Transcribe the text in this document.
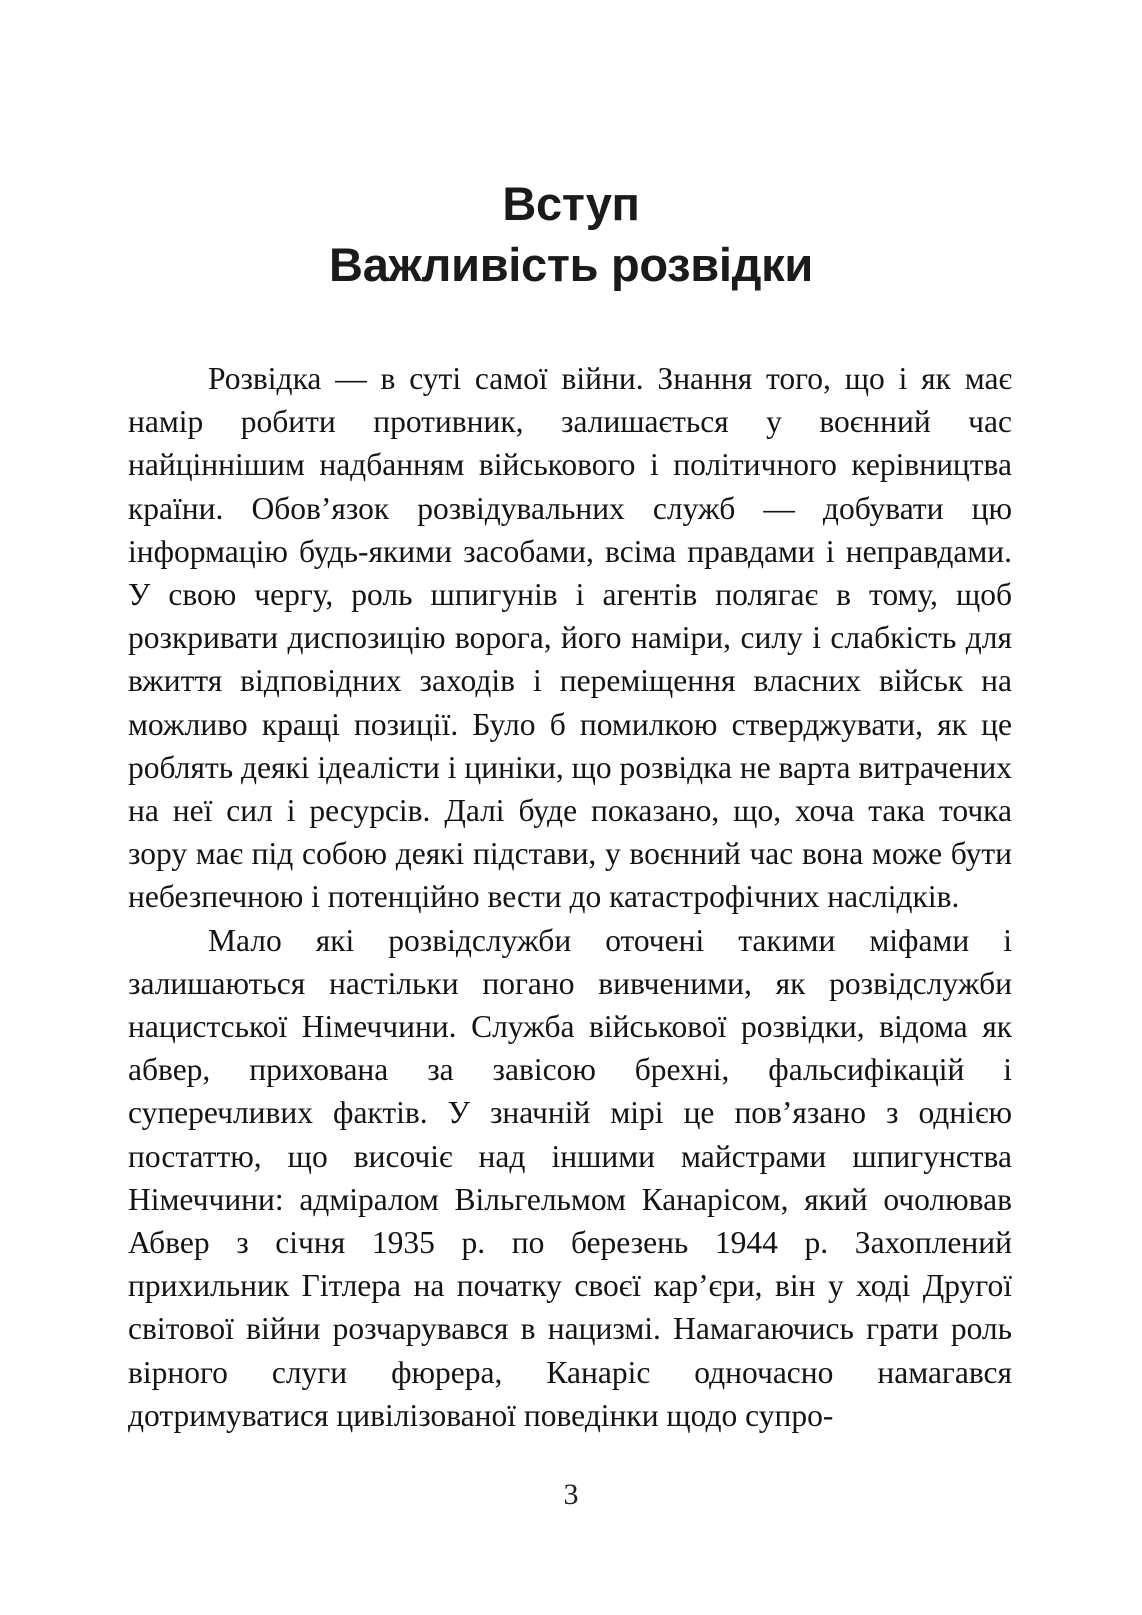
Вступ
Важливість розвідки

Розвідка — в суті самої війни. Знання того, що і як має намір робити противник, залишається у воєнний час найціннішим надбанням військового і політичного керівництва країни. Обов’язок розвідувальних служб — добувати цю інформацію будь-якими засобами, всіма правдами і неправдами. У свою чергу, роль шпигунів і агентів полягає в тому, щоб розкривати диспозицію ворога, його наміри, силу і слабкість для вжиття відповідних заходів і переміщення власних військ на можливо кращі позиції. Було б помилкою стверджувати, як це роблять деякі ідеалісти і циніки, що розвідка не варта витрачених на неї сил і ресурсів. Далі буде показано, що, хоча така точка зору має під собою деякі підстави, у воєнний час вона може бути небезпечною і потенційно вести до катастрофічних наслідків.

Мало які розвідслужби оточені такими міфами і залишаються настільки погано вивченими, як розвідслужби нацистської Німеччини. Служба військової розвідки, відома як абвер, прихована за завісою брехні, фальсифікацій і суперечливих фактів. У значній мірі це пов’язано з однією постаттю, що височіє над іншими майстрами шпигунства Німеччини: адміралом Вільгельмом Канарісом, який очолював Абвер з січня 1935 р. по березень 1944 р. Захоплений прихильник Гітлера на початку своєї кар’єри, він у ході Другої світової війни розчарувався в нацизмі. Намагаючись грати роль вірного слуги фюрера, Канаріс одночасно намагався дотримуватися цивілізованої поведінки щодо супро-

3
